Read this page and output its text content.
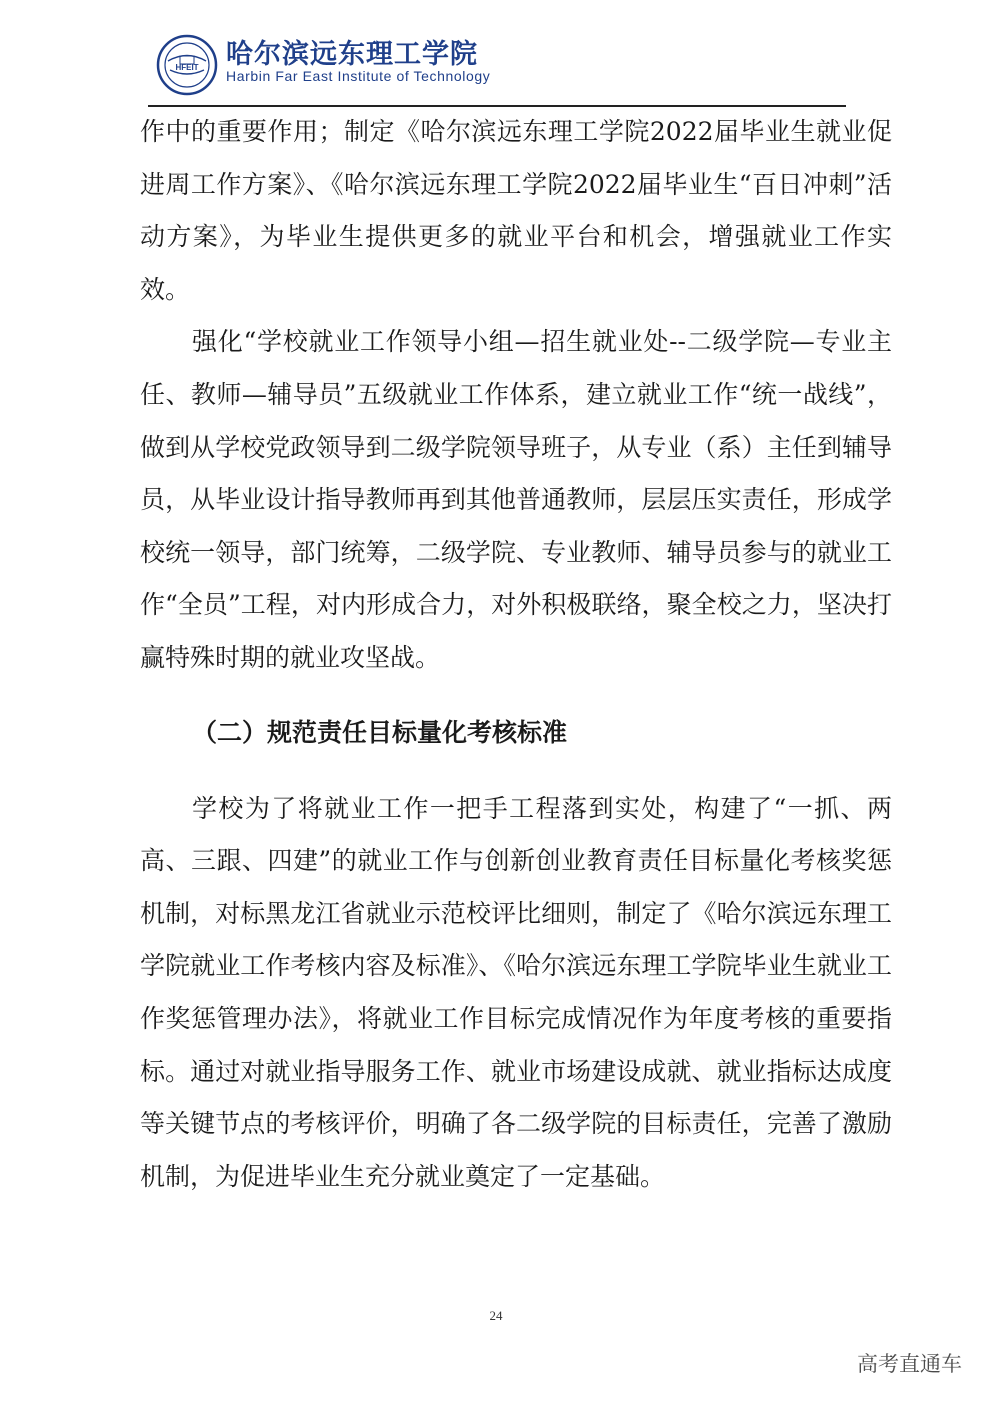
HFEIT 哈尔滨远东理工学院
Harbin Far East Institute of Technology

作中的重要作用；制定《哈尔滨远东理工学院2022届毕业生就业促进周工作方案》、《哈尔滨远东理工学院2022届毕业生“百日冲刺”活动方案》，为毕业生提供更多的就业平台和机会，增强就业工作实效。

强化“学校就业工作领导小组—招生就业处--二级学院—专业主任、教师—辅导员”五级就业工作体系，建立就业工作“统一战线”，做到从学校党政领导到二级学院领导班子，从专业（系）主任到辅导员，从毕业设计指导教师再到其他普通教师，层层压实责任，形成学校统一领导，部门统筹，二级学院、专业教师、辅导员参与的就业工作“全员”工程，对内形成合力，对外积极联络，聚全校之力，坚决打赢特殊时期的就业攻坚战。

（二）规范责任目标量化考核标准

学校为了将就业工作一把手工程落到实处，构建了“一抓、两高、三跟、四建”的就业工作与创新创业教育责任目标量化考核奖惩机制，对标黑龙江省就业示范校评比细则，制定了《哈尔滨远东理工学院就业工作考核内容及标准》、《哈尔滨远东理工学院毕业生就业工作奖惩管理办法》，将就业工作目标完成情况作为年度考核的重要指标。通过对就业指导服务工作、就业市场建设成就、就业指标达成度等关键节点的考核评价，明确了各二级学院的目标责任，完善了激励机制，为促进毕业生充分就业奠定了一定基础。

24
高考直通车
